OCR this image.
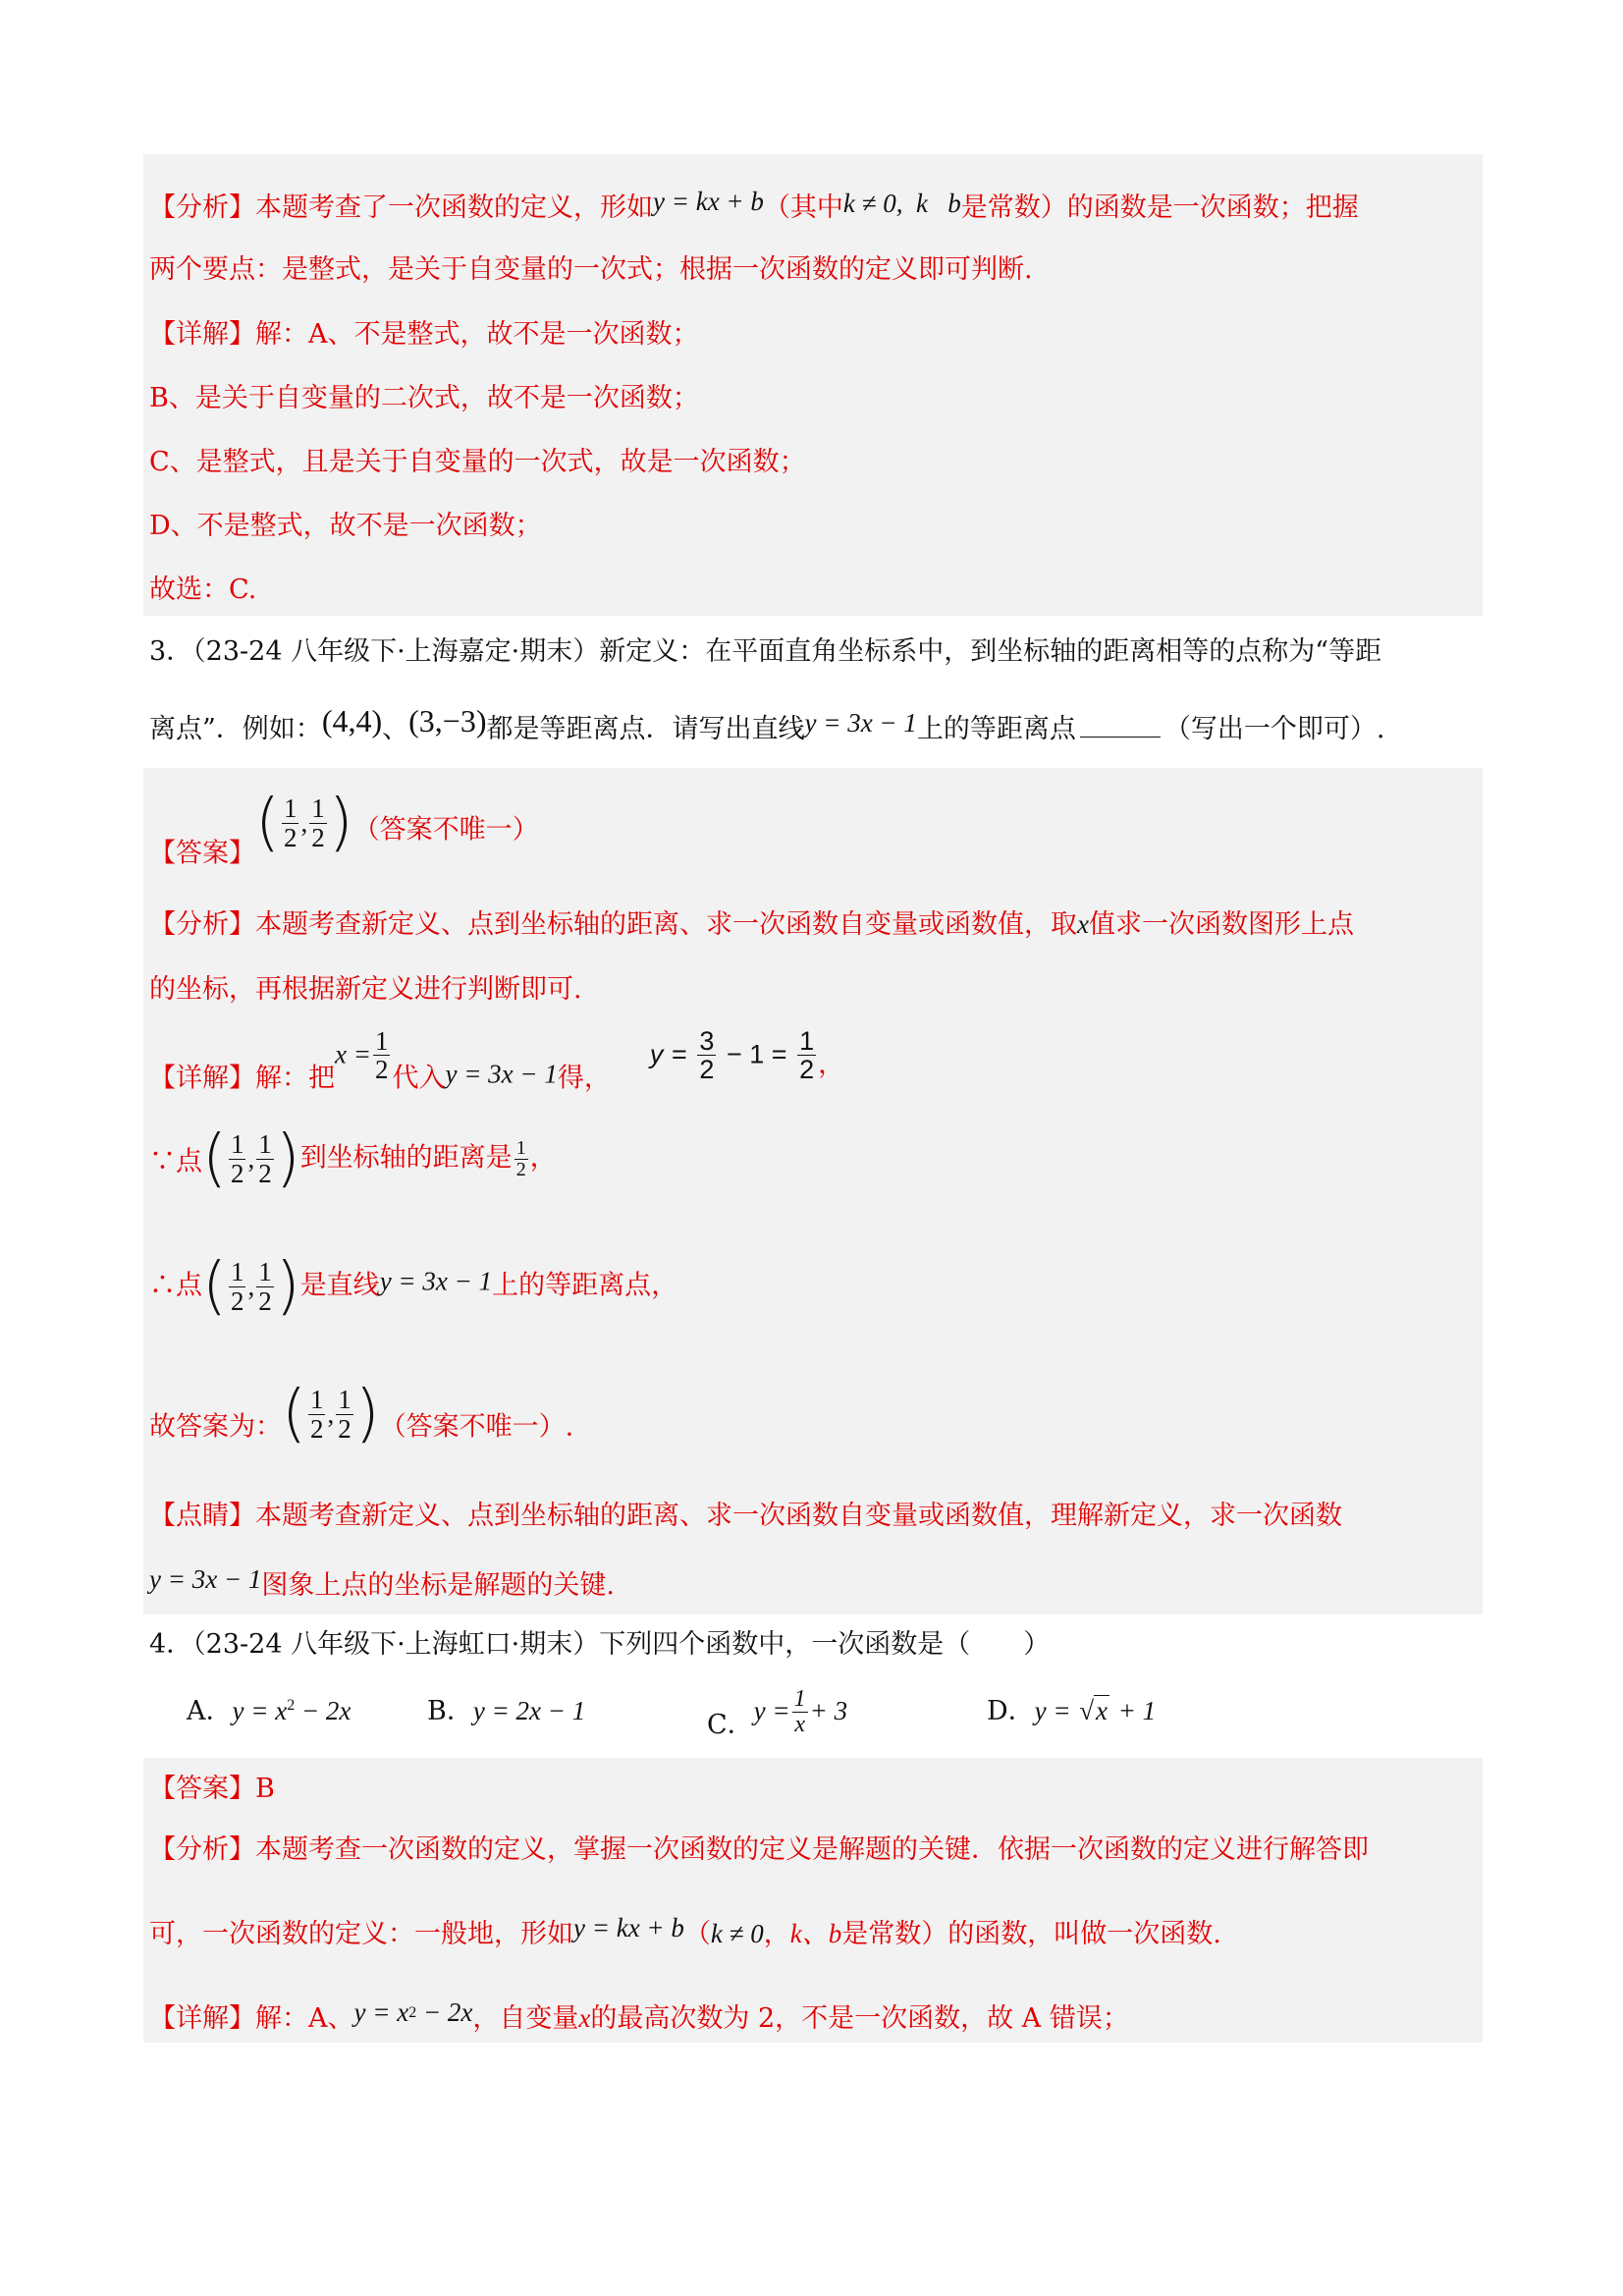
【分析】本题考查了一次函数的定义，形如y = kx + b（其中k ≠ 0,  k   b是常数）的函数是一次函数；把握
两个要点：是整式，是关于自变量的一次式；根据一次函数的定义即可判断.
【详解】解：A、不是整式，故不是一次函数；
B、是关于自变量的二次式，故不是一次函数；
C、是整式，且是关于自变量的一次式，故是一次函数；
D、不是整式，故不是一次函数；
故选：C.
3．（23-24 八年级下·上海嘉定·期末）新定义：在平面直角坐标系中，到坐标轴的距离相等的点称为“等距
离点”．例如：(4,4)、(3,−3)都是等距离点．请写出直线y = 3x − 1上的等距离点	（写出一个即可）.
【答案】 ( $\frac{1}{2}$ , $\frac{1}{2}$ ) （答案不唯一）
【分析】本题考查新定义、点到坐标轴的距离、求一次函数自变量或函数值，取x值求一次函数图形上点
的坐标，再根据新定义进行判断即可.
【详解】解：把$x = \frac{1}{2}$ 代入y = 3x − 1得，$y = \frac{3}{2} - 1 = \frac{1}{2}$ ，
∵点 ( $\frac{1}{2}$ , $\frac{1}{2}$ ) 到坐标轴的距离是 $\frac{1}{2}$ ，
∴点 ( $\frac{1}{2}$ , $\frac{1}{2}$ ) 是直线y = 3x − 1上的等距离点，
故答案为： ( $\frac{1}{2}$ , $\frac{1}{2}$ ) （答案不唯一）.
【点睛】本题考查新定义、点到坐标轴的距离、求一次函数自变量或函数值，理解新定义，求一次函数
y = 3x − 1图象上点的坐标是解题的关键.
4．（23-24 八年级下·上海虹口·期末）下列四个函数中，一次函数是（　　）
A．$y = x^2 - 2x$	B．y = 2x − 1	C．$y = \frac{1}{x} + 3$	D．y = √x + 1
【答案】B
【分析】本题考查一次函数的定义，掌握一次函数的定义是解题的关键．依据一次函数的定义进行解答即
可，一次函数的定义：一般地，形如y = kx + b（k ≠ 0，k、b是常数）的函数，叫做一次函数.
【详解】解：A、$y = x^2 - 2x$，自变量x的最高次数为 2，不是一次函数，故 A 错误；
